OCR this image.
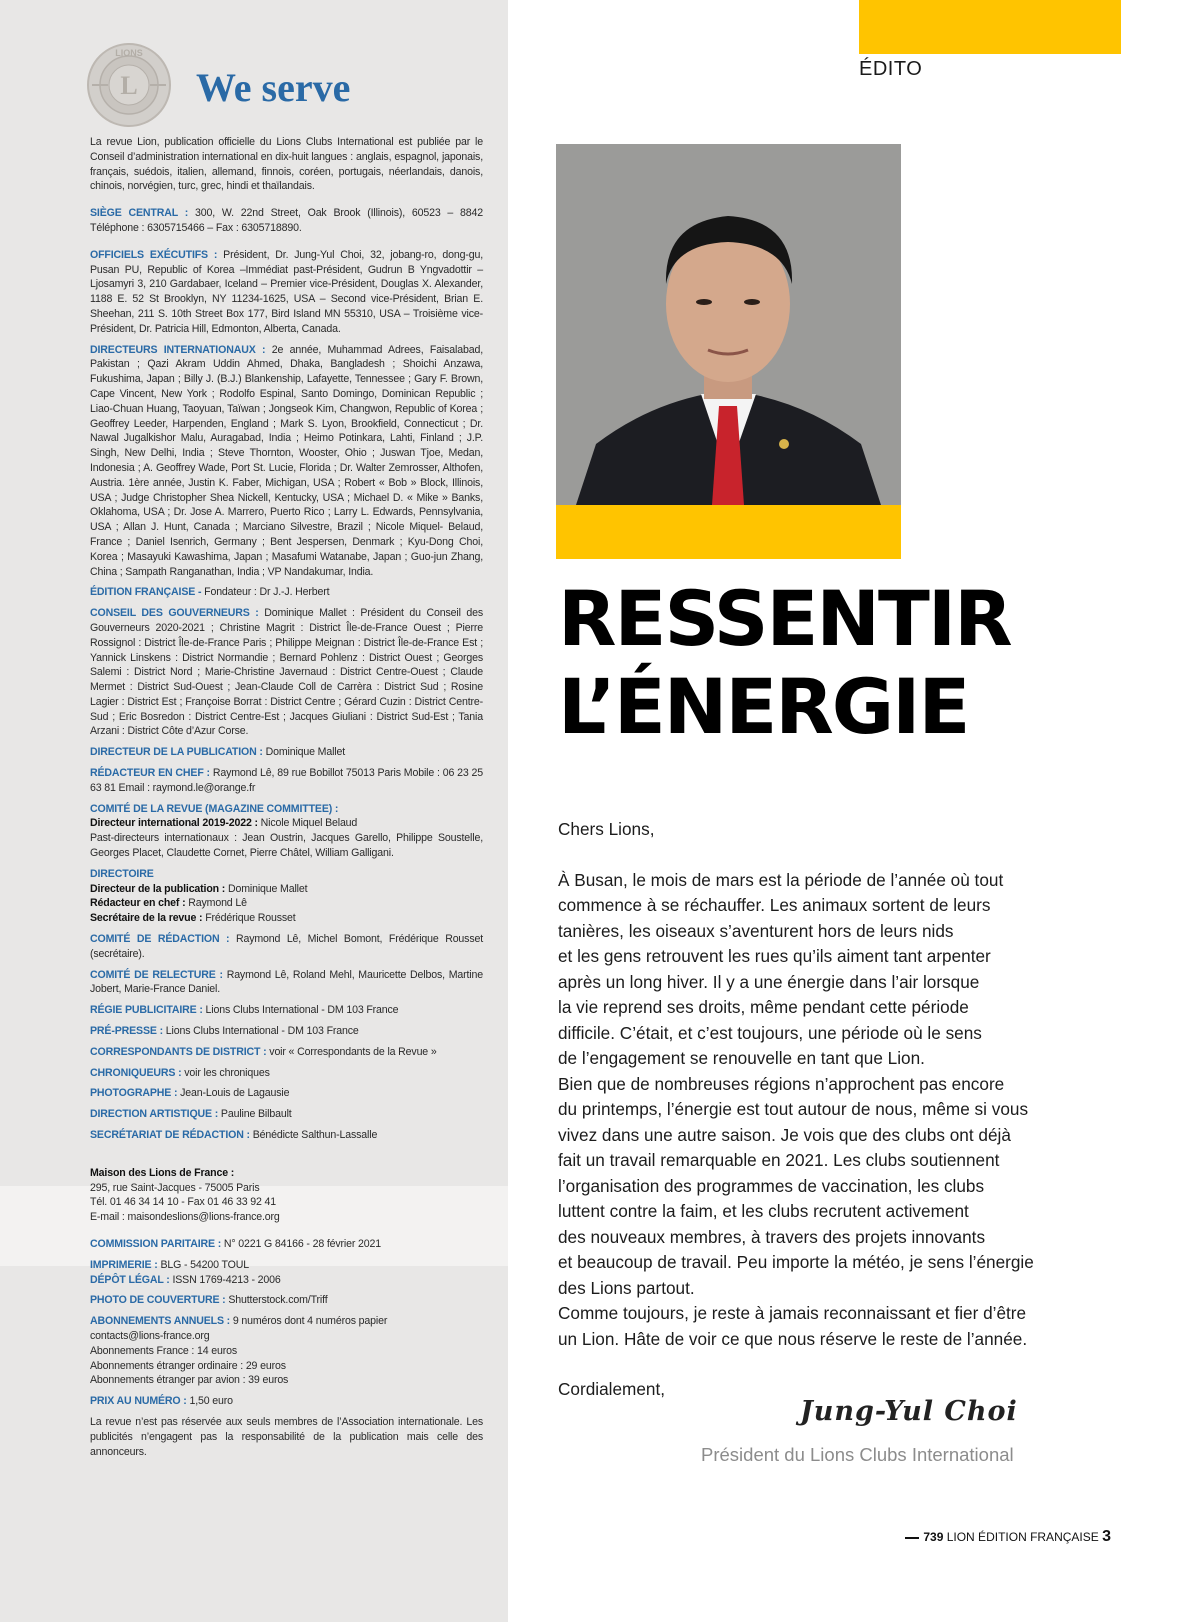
L
LIONS
We serve

La revue Lion, publication officielle du Lions Clubs International est publiée par le Conseil d’administration international en dix-huit langues : anglais, espagnol, japonais, français, suédois, italien, allemand, finnois, coréen, portugais, néerlandais, danois, chinois, norvégien, turc, grec, hindi et thaïlandais.

SIÈGE CENTRAL : 300, W. 22nd Street, Oak Brook (Illinois), 60523 – 8842 Téléphone : 6305715466 – Fax : 6305718890.

OFFICIELS EXÉCUTIFS : Président, Dr. Jung-Yul Choi, 32, jobang-ro, dong-gu, Pusan PU, Republic of Korea –Immédiat past-Président, Gudrun B Yngvadottir – Ljosamyri 3, 210 Gardabaer, Iceland – Premier vice-Président, Douglas X. Alexander, 1188 E. 52 St Brooklyn, NY 11234-1625, USA – Second vice-Président, Brian E. Sheehan, 211 S. 10th Street Box 177, Bird Island MN 55310, USA – Troisième vice-Président, Dr. Patricia Hill, Edmonton, Alberta, Canada.

DIRECTEURS INTERNATIONAUX : 2e année, Muhammad Adrees, Faisalabad, Pakistan ; Qazi Akram Uddin Ahmed, Dhaka, Bangladesh ; Shoichi Anzawa, Fukushima, Japan ; Billy J. (B.J.) Blankenship, Lafayette, Tennessee ; Gary F. Brown, Cape Vincent, New York ; Rodolfo Espinal, Santo Domingo, Dominican Republic ; Liao-Chuan Huang, Taoyuan, Taïwan ; Jongseok Kim, Changwon, Republic of Korea ; Geoffrey Leeder, Harpenden, England ; Mark S. Lyon, Brookfield, Connecticut ; Dr. Nawal Jugalkishor Malu, Auragabad, India ; Heimo Potinkara, Lahti, Finland ; J.P. Singh, New Delhi, India ; Steve Thornton, Wooster, Ohio ; Juswan Tjoe, Medan, Indonesia ; A. Geoffrey Wade, Port St. Lucie, Florida ; Dr. Walter Zemrosser, Althofen, Austria. 1ère année, Justin K. Faber, Michigan, USA ; Robert « Bob » Block, Illinois, USA ; Judge Christopher Shea Nickell, Kentucky, USA ; Michael D. « Mike » Banks, Oklahoma, USA ; Dr. Jose A. Marrero, Puerto Rico ; Larry L. Edwards, Pennsylvania, USA ; Allan J. Hunt, Canada ; Marciano Silvestre, Brazil ; Nicole Miquel- Belaud, France ; Daniel Isenrich, Germany ; Bent Jespersen, Denmark ; Kyu-Dong Choi, Korea ; Masayuki Kawashima, Japan ; Masafumi Watanabe, Japan ; Guo-jun Zhang, China ; Sampath Ranganathan, India ; VP Nandakumar, India.

ÉDITION FRANÇAISE - Fondateur : Dr J.-J. Herbert

CONSEIL DES GOUVERNEURS : Dominique Mallet : Président du Conseil des Gouverneurs 2020-2021 ; Christine Magrit : District Île-de-France Ouest ; Pierre Rossignol : District Île-de-France Paris ; Philippe Meignan : District Île-de-France Est ; Yannick Linskens : District Normandie ; Bernard Pohlenz : District Ouest ; Georges Salemi : District Nord ; Marie-Christine Javernaud : District Centre-Ouest ; Claude Mermet : District Sud-Ouest ; Jean-Claude Coll de Carrèra : District Sud ; Rosine Lagier : District Est ; Françoise Borrat : District Centre ; Gérard Cuzin : District Centre-Sud ; Eric Bosredon : District Centre-Est ; Jacques Giuliani : District Sud-Est ; Tania Arzani : District Côte d’Azur Corse.

DIRECTEUR DE LA PUBLICATION : Dominique Mallet

RÉDACTEUR EN CHEF : Raymond Lê, 89 rue Bobillot 75013 Paris Mobile : 06 23 25 63 81 Email : raymond.le@orange.fr

COMITÉ DE LA REVUE (MAGAZINE COMMITTEE) :
Directeur international 2019-2022 : Nicole Miquel Belaud
Past-directeurs internationaux : Jean Oustrin, Jacques Garello, Philippe Soustelle, Georges Placet, Claudette Cornet, Pierre Châtel, William Galligani.

DIRECTOIRE
Directeur de la publication : Dominique Mallet
Rédacteur en chef : Raymond Lê
Secrétaire de la revue : Frédérique Rousset

COMITÉ DE RÉDACTION : Raymond Lê, Michel Bomont, Frédérique Rousset (secrétaire).

COMITÉ DE RELECTURE : Raymond Lê, Roland Mehl, Mauricette Delbos, Martine Jobert, Marie-France Daniel.

RÉGIE PUBLICITAIRE : Lions Clubs International - DM 103 France

PRÉ-PRESSE : Lions Clubs International - DM 103 France

CORRESPONDANTS DE DISTRICT : voir « Correspondants de la Revue »

CHRONIQUEURS : voir les chroniques

PHOTOGRAPHE : Jean-Louis de Lagausie

DIRECTION ARTISTIQUE : Pauline Bilbault

SECRÉTARIAT DE RÉDACTION : Bénédicte Salthun-Lassalle

Maison des Lions de France :
295, rue Saint-Jacques - 75005 Paris
Tél. 01 46 34 14 10 - Fax 01 46 33 92 41
E-mail : maisondeslions@lions-france.org

COMMISSION PARITAIRE : N° 0221 G 84166 - 28 février 2021

IMPRIMERIE : BLG - 54200 TOUL
DÉPÔT LÉGAL : ISSN 1769-4213 - 2006

PHOTO DE COUVERTURE : Shutterstock.com/Triff

ABONNEMENTS ANNUELS : 9 numéros dont 4 numéros papier
contacts@lions-france.org
Abonnements France : 14 euros
Abonnements étranger ordinaire : 29 euros
Abonnements étranger par avion : 39 euros

PRIX AU NUMÉRO : 1,50 euro

La revue n’est pas réservée aux seuls membres de l’Association internationale. Les publicités n’engagent pas la responsabilité de la publication mais celle des annonceurs.

ÉDITO
RESSENTIR
L’ÉNERGIE

Chers Lions,

À Busan, le mois de mars est la période de l’année où tout
commence à se réchauffer. Les animaux sortent de leurs
tanières, les oiseaux s’aventurent hors de leurs nids
et les gens retrouvent les rues qu’ils aiment tant arpenter
après un long hiver. Il y a une énergie dans l’air lorsque
la vie reprend ses droits, même pendant cette période
difficile. C’était, et c’est toujours, une période où le sens
de l’engagement se renouvelle en tant que Lion.
Bien que de nombreuses régions n’approchent pas encore
du printemps, l’énergie est tout autour de nous, même si vous
vivez dans une autre saison. Je vois que des clubs ont déjà
fait un travail remarquable en 2021. Les clubs soutiennent
l’organisation des programmes de vaccination, les clubs
luttent contre la faim, et les clubs recrutent activement
des nouveaux membres, à travers des projets innovants
et beaucoup de travail. Peu importe la météo, je sens l’énergie
des Lions partout.
Comme toujours, je reste à jamais reconnaissant et fier d’être
un Lion. Hâte de voir ce que nous réserve le reste de l’année.

Cordialement,

Jung-Yul Choi
Président du Lions Clubs International
739 LION ÉDITION FRANÇAISE 3
